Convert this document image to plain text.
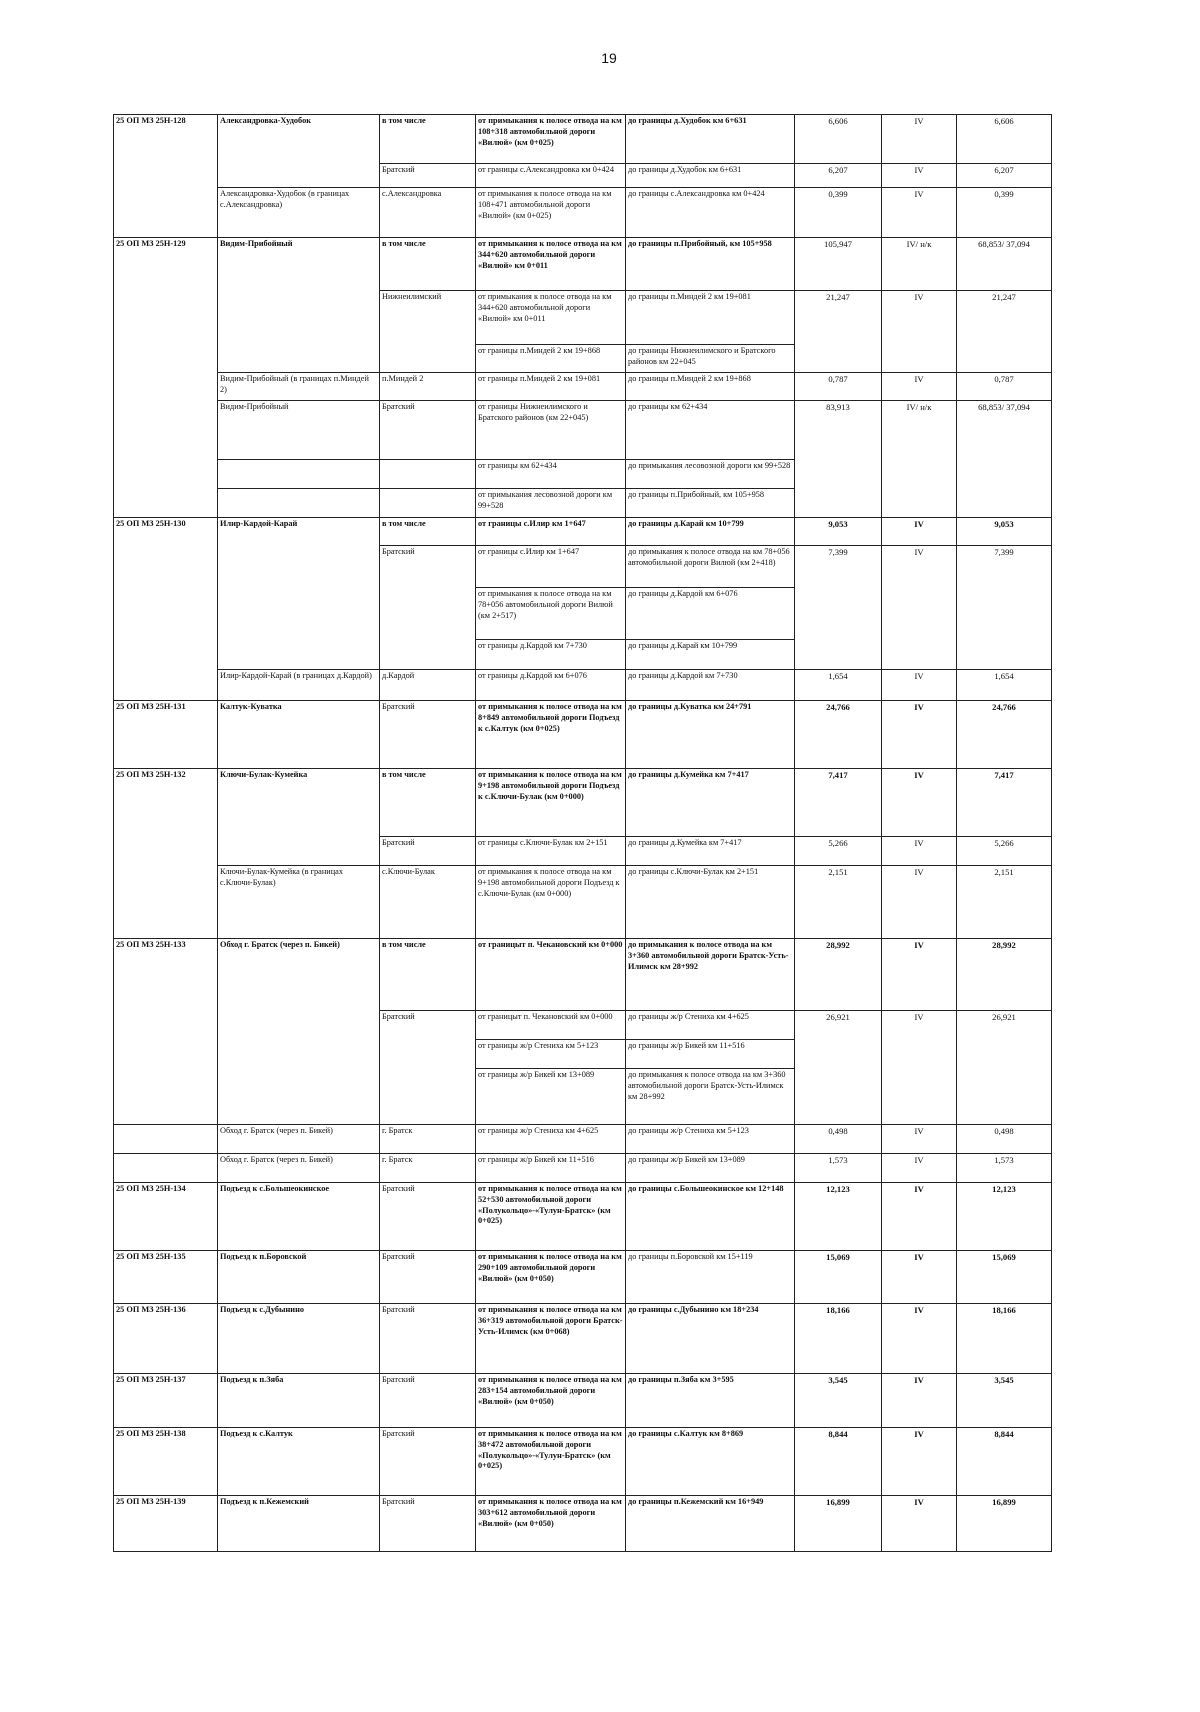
19
25 ОП МЗ 25Н-128	Александровка-Худобок	в том числе	от примыкания к полосе отвода на км 108+318 автомобильной дороги «Вилюй» (км 0+025)	до границы д.Худобок км 6+631	6,606	IV	6,606
		Братский	от границы с.Александровка км 0+424	до границы д.Худобок км 6+631	6,207	IV	6,207
	Александровка-Худобок (в границах с.Александровка)	с.Александровка	от примыкания к полосе отвода на км 108+471 автомобильной дороги «Вилюй» (км 0+025)	до границы с.Александровка км 0+424	0,399	IV	0,399
25 ОП МЗ 25Н-129	Видим-Прибойный	в том числе	от примыкания к полосе отвода на км 344+620 автомобильной дороги «Вилюй» км 0+011	до границы п.Прибойный, км 105+958	105,947	IV/ н/к	68,853/ 37,094
		Нижнеилимский	от примыкания к полосе отвода на км 344+620 автомобильной дороги «Вилюй» км 0+011	до границы п.Миндей 2 км 19+081	21,247	IV	21,247
			от границы п.Миндей 2 км 19+868	до границы Нижнеилимского и Братского районов км 22+045			
	Видим-Прибойный (в границах п.Миндей 2)	п.Миндей 2	от границы п.Миндей 2 км 19+081	до границы п.Миндей 2 км 19+868	0,787	IV	0,787
	Видим-Прибойный	Братский	от границы Нижнеилимского и Братского районов (км 22+045)	до границы км 62+434	83,913	IV/ н/к	68,853/ 37,094
			от границы км 62+434	до примыкания лесовозной дороги км 99+528			
			от примыкания лесовозной дороги км 99+528	до границы п.Прибойный, км 105+958			
25 ОП МЗ 25Н-130	Илир-Кардой-Карай	в том числе	от границы с.Илир км 1+647	до границы д.Карай км 10+799	9,053	IV	9,053
		Братский	от границы с.Илир км 1+647	до примыкания к полосе отвода на км 78+056 автомобильной дороги Вилюй (км 2+418)	7,399	IV	7,399
			от примыкания к полосе отвода на км 78+056 автомобильной дороги Вилюй (км 2+517)	до границы д.Кардой км 6+076			
			от границы д.Кардой км 7+730	до границы д.Карай км 10+799			
	Илир-Кардой-Карай (в границах д.Кардой)	д.Кардой	от границы д.Кардой км 6+076	до границы д.Кардой км 7+730	1,654	IV	1,654
25 ОП МЗ 25Н-131	Калтук-Куватка	Братский	от примыкания к полосе отвода на км 8+849 автомобильной дороги Подъезд к с.Калтук (км 0+025)	до границы д.Куватка км 24+791	24,766	IV	24,766
25 ОП МЗ 25Н-132	Ключи-Булак-Кумейка	в том числе	от примыкания к полосе отвода на км 9+198 автомобильной дороги Подъезд к с.Ключи-Булак (км 0+000)	до границы д.Кумейка км 7+417	7,417	IV	7,417
		Братский	от границы с.Ключи-Булак км 2+151	до границы д.Кумейка км 7+417	5,266	IV	5,266
	Ключи-Булак-Кумейка (в границах с.Ключи-Булак)	с.Ключи-Булак	от примыкания к полосе отвода на км 9+198 автомобильной дороги Подъезд к с.Ключи-Булак (км 0+000)	до границы с.Ключи-Булак км 2+151	2,151	IV	2,151
25 ОП МЗ 25Н-133	Обход г. Братск (через п. Бикей)	в том числе	от границыт п. Чекановский км 0+000	до примыкания к полосе отвода на км 3+360 автомобильной дороги Братск-Усть-Илимск км 28+992	28,992	IV	28,992
		Братский	от границыт п. Чекановский км 0+000	до границы ж/р Стениха км 4+625	26,921	IV	26,921
			от границы ж/р Стениха км 5+123	до границы ж/р Бикей км 11+516			
			от границы ж/р Бикей км 13+089	до примыкания к полосе отвода на км 3+360 автомобильной дороги Братск-Усть-Илимск км 28+992			
	Обход г. Братск (через п. Бикей)	г. Братск	от границы ж/р Стениха км 4+625	до границы ж/р Стениха км 5+123	0,498	IV	0,498
	Обход г. Братск (через п. Бикей)	г. Братск	от границы ж/р Бикей км 11+516	до границы ж/р Бикей км 13+089	1,573	IV	1,573
25 ОП МЗ 25Н-134	Подъезд к с.Большеокинское	Братский	от примыкания к полосе отвода на км 52+530 автомобильной дороги «Полукольцо»-«Тулун-Братск» (км 0+025)	до границы с.Большеокинское км 12+148	12,123	IV	12,123
25 ОП МЗ 25Н-135	Подъезд к п.Боровской	Братский	от примыкания к полосе отвода на км 290+109 автомобильной дороги «Вилюй» (км 0+050)	до границы п.Боровской км 15+119	15,069	IV	15,069
25 ОП МЗ 25Н-136	Подъезд к с.Дубынино	Братский	от примыкания к полосе отвода на км 36+319 автомобильной дороги Братск-Усть-Илимск (км 0+068)	до границы с.Дубынино км 18+234	18,166	IV	18,166
25 ОП МЗ 25Н-137	Подъезд к п.Зяба	Братский	от примыкания к полосе отвода на км 283+154 автомобильной дороги «Вилюй» (км 0+050)	до границы п.Зяба км 3+595	3,545	IV	3,545
25 ОП МЗ 25Н-138	Подъезд к с.Калтук	Братский	от примыкания к полосе отвода на км 38+472 автомобильной дороги «Полукольцо»-«Тулун-Братск» (км 0+025)	до границы с.Калтук км 8+869	8,844	IV	8,844
25 ОП МЗ 25Н-139	Подъезд к п.Кежемский	Братский	от примыкания к полосе отвода на км 303+612 автомобильной дороги «Вилюй» (км 0+050)	до границы п.Кежемский км 16+949	16,899	IV	16,899
